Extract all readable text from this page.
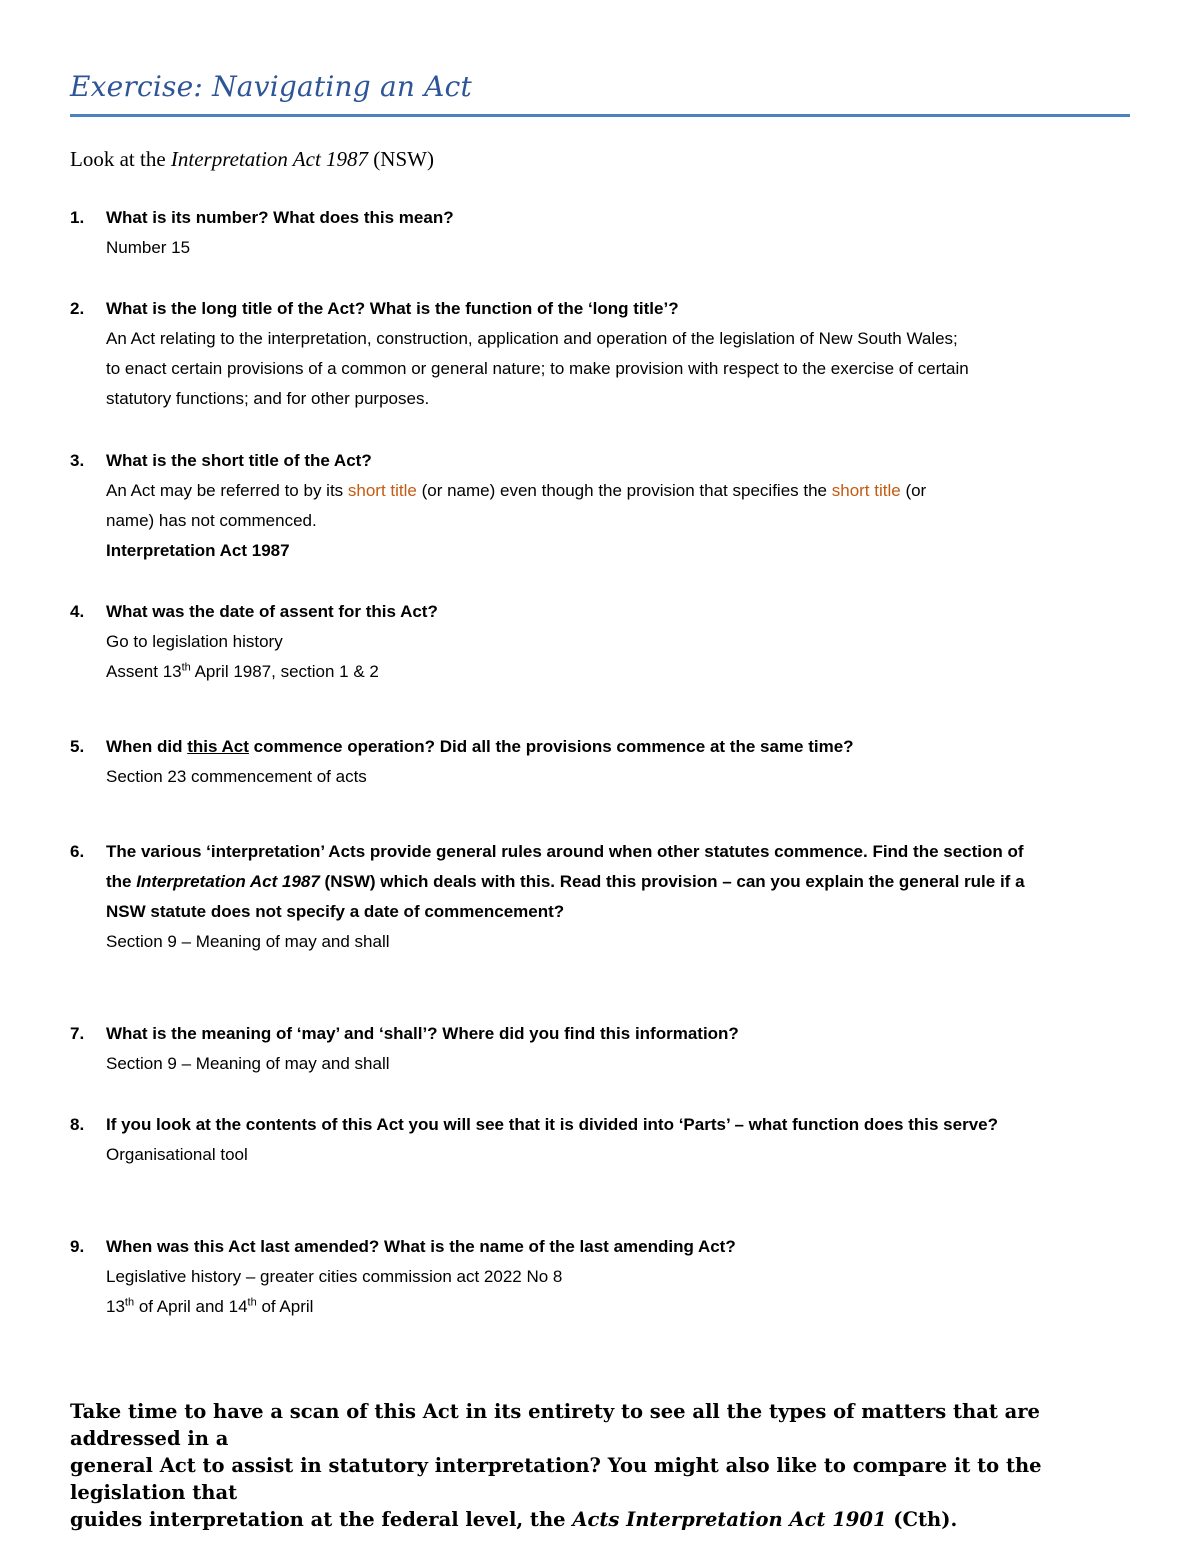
Exercise: Navigating an Act

Look at the Interpretation Act 1987 (NSW)

1. What is its number? What does this mean?
Number 15
2. What is the long title of the Act? What is the function of the ‘long title’?
An Act relating to the interpretation, construction, application and operation of the legislation of New South Wales;
to enact certain provisions of a common or general nature; to make provision with respect to the exercise of certain
statutory functions; and for other purposes.
3. What is the short title of the Act?
An Act may be referred to by its short title (or name) even though the provision that specifies the short title (or
name) has not commenced.
Interpretation Act 1987
4. What was the date of assent for this Act?
Go to legislation history
Assent 13th April 1987, section 1 & 2
5. When did this Act commence operation? Did all the provisions commence at the same time?
Section 23 commencement of acts
6. The various ‘interpretation’ Acts provide general rules around when other statutes commence. Find the section of
the Interpretation Act 1987 (NSW) which deals with this. Read this provision – can you explain the general rule if a
NSW statute does not specify a date of commencement?
Section 9 – Meaning of may and shall
7. What is the meaning of ‘may’ and ‘shall’? Where did you find this information?
Section 9 – Meaning of may and shall
8. If you look at the contents of this Act you will see that it is divided into ‘Parts’ – what function does this serve?
Organisational tool
9. When was this Act last amended? What is the name of the last amending Act?
Legislative history – greater cities commission act 2022 No 8
13th of April and 14th of April
Take time to have a scan of this Act in its entirety to see all the types of matters that are addressed in a
general Act to assist in statutory interpretation? You might also like to compare it to the legislation that
guides interpretation at the federal level, the Acts Interpretation Act 1901 (Cth).
